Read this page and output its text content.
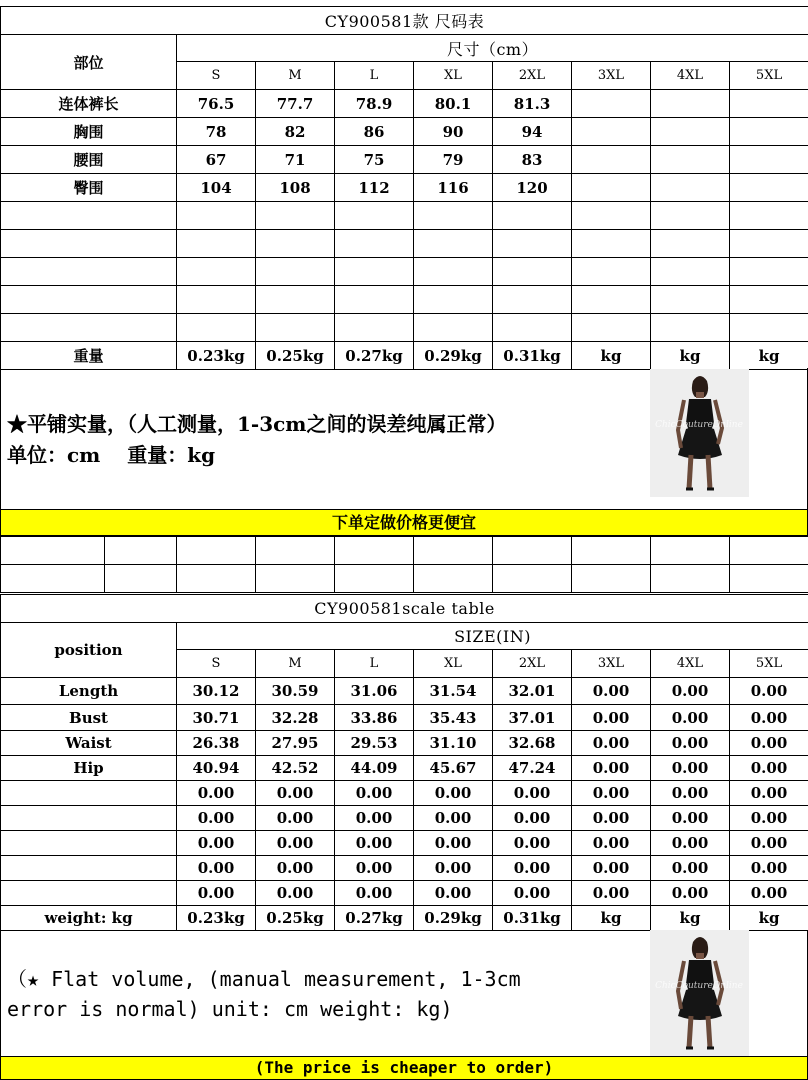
CY900581款 尺码表								
部位	尺寸（cm）							
	S	M	L	XL	2XL	3XL	4XL	5XL
连体裤长	76.5	77.7	78.9	80.1	81.3			
胸围	78	82	86	90	94			
腰围	67	71	75	79	83			
臀围	104	108	112	116	120			

重量	0.23kg	0.25kg	0.27kg	0.29kg	0.31kg	kg	kg	kg
★平铺实量，（人工测量，1-3cm之间的误差纯属正常）
单位：cm　 重量：kg
ChicCoutureOnline
下单定做价格更便宜

CY900581scale table								
position	SIZE(IN)							
	S	M	L	XL	2XL	3XL	4XL	5XL
Length	30.12	30.59	31.06	31.54	32.01	0.00	0.00	0.00
Bust	30.71	32.28	33.86	35.43	37.01	0.00	0.00	0.00
Waist	26.38	27.95	29.53	31.10	32.68	0.00	0.00	0.00
Hip	40.94	42.52	44.09	45.67	47.24	0.00	0.00	0.00
	0.00	0.00	0.00	0.00	0.00	0.00	0.00	0.00
	0.00	0.00	0.00	0.00	0.00	0.00	0.00	0.00
	0.00	0.00	0.00	0.00	0.00	0.00	0.00	0.00
	0.00	0.00	0.00	0.00	0.00	0.00	0.00	0.00
	0.00	0.00	0.00	0.00	0.00	0.00	0.00	0.00
weight: kg	0.23kg	0.25kg	0.27kg	0.29kg	0.31kg	kg	kg	kg
（★ Flat volume, (manual measurement, 1-3cm
error is normal) unit: cm weight: kg)
ChicCoutureOnline
(The price is cheaper to order)
